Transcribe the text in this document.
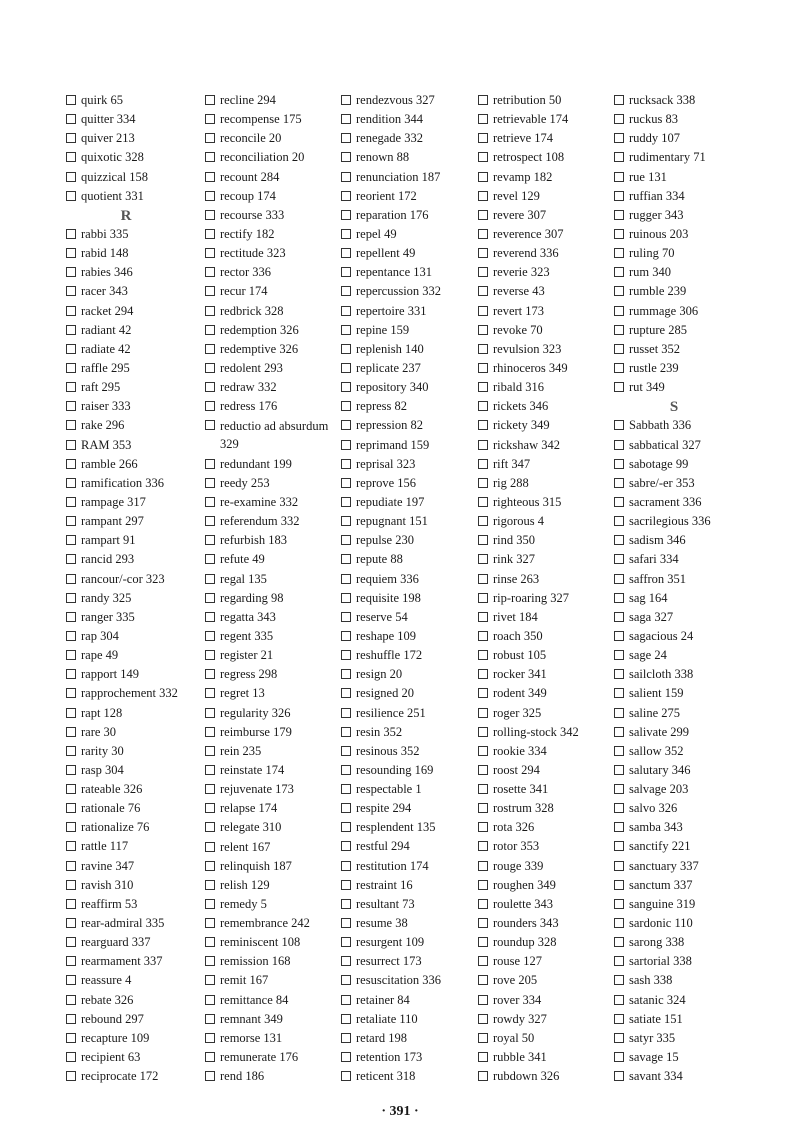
quirk 65
quitter 334
quiver 213
quixotic 328
quizzical 158
quotient 331
R
rabbi 335
rabid 148
rabies 346
racer 343
racket 294
radiant 42
radiate 42
raffle 295
raft 295
raiser 333
rake 296
RAM 353
ramble 266
ramification 336
rampage 317
rampant 297
rampart 91
rancid 293
rancour/-cor 323
randy 325
ranger 335
rap 304
rape 49
rapport 149
rapprochement 332
rapt 128
rare 30
rarity 30
rasp 304
rateable 326
rationale 76
rationalize 76
rattle 117
ravine 347
ravish 310
reaffirm 53
rear-admiral 335
rearguard 337
rearmament 337
reassure 4
rebate 326
rebound 297
recapture 109
recipient 63
reciprocate 172
recline 294
recompense 175
reconcile 20
reconciliation 20
recount 284
recoup 174
recourse 333
rectify 182
rectitude 323
rector 336
recur 174
redbrick 328
redemption 326
redemptive 326
redolent 293
redraw 332
redress 176
reductio ad absurdum 329
redundant 199
reedy 253
re-examine 332
referendum 332
refurbish 183
refute 49
regal 135
regarding 98
regatta 343
regent 335
register 21
regress 298
regret 13
regularity 326
reimburse 179
rein 235
reinstate 174
rejuvenate 173
relapse 174
relegate 310
relent 167
relinquish 187
relish 129
remedy 5
remembrance 242
reminiscent 108
remission 168
remit 167
remittance 84
remnant 349
remorse 131
remunerate 176
rend 186
rendezvous 327
rendition 344
renegade 332
renown 88
renunciation 187
reorient 172
reparation 176
repel 49
repellent 49
repentance 131
repercussion 332
repertoire 331
repine 159
replenish 140
replicate 237
repository 340
repress 82
repression 82
reprimand 159
reprisal 323
reprove 156
repudiate 197
repugnant 151
repulse 230
repute 88
requiem 336
requisite 198
reserve 54
reshape 109
reshuffle 172
resign 20
resigned 20
resilience 251
resin 352
resinous 352
resounding 169
respectable 1
respite 294
resplendent 135
restful 294
restitution 174
restraint 16
resultant 73
resume 38
resurgent 109
resurrect 173
resuscitation 336
retainer 84
retaliate 110
retard 198
retention 173
reticent 318
retribution 50
retrievable 174
retrieve 174
retrospect 108
revamp 182
revel 129
revere 307
reverence 307
reverend 336
reverie 323
reverse 43
revert 173
revoke 70
revulsion 323
rhinoceros 349
ribald 316
rickets 346
rickety 349
rickshaw 342
rift 347
rig 288
righteous 315
rigorous 4
rind 350
rink 327
rinse 263
rip-roaring 327
rivet 184
roach 350
robust 105
rocker 341
rodent 349
roger 325
rolling-stock 342
rookie 334
roost 294
rosette 341
rostrum 328
rota 326
rotor 353
rouge 339
roughen 349
roulette 343
rounders 343
roundup 328
rouse 127
rove 205
rover 334
rowdy 327
royal 50
rubble 341
rubdown 326
rucksack 338
ruckus 83
ruddy 107
rudimentary 71
rue 131
ruffian 334
rugger 343
ruinous 203
ruling 70
rum 340
rumble 239
rummage 306
rupture 285
russet 352
rustle 239
rut 349
S
Sabbath 336
sabbatical 327
sabotage 99
sabre/-er 353
sacrament 336
sacrilegious 336
sadism 346
safari 334
saffron 351
sag 164
saga 327
sagacious 24
sage 24
sailcloth 338
salient 159
saline 275
salivate 299
sallow 352
salutary 346
salvage 203
salvo 326
samba 343
sanctify 221
sanctuary 337
sanctum 337
sanguine 319
sardonic 110
sarong 338
sartorial 338
sash 338
satanic 324
satiate 151
satyr 335
savage 15
savant 334
· 391 ·
